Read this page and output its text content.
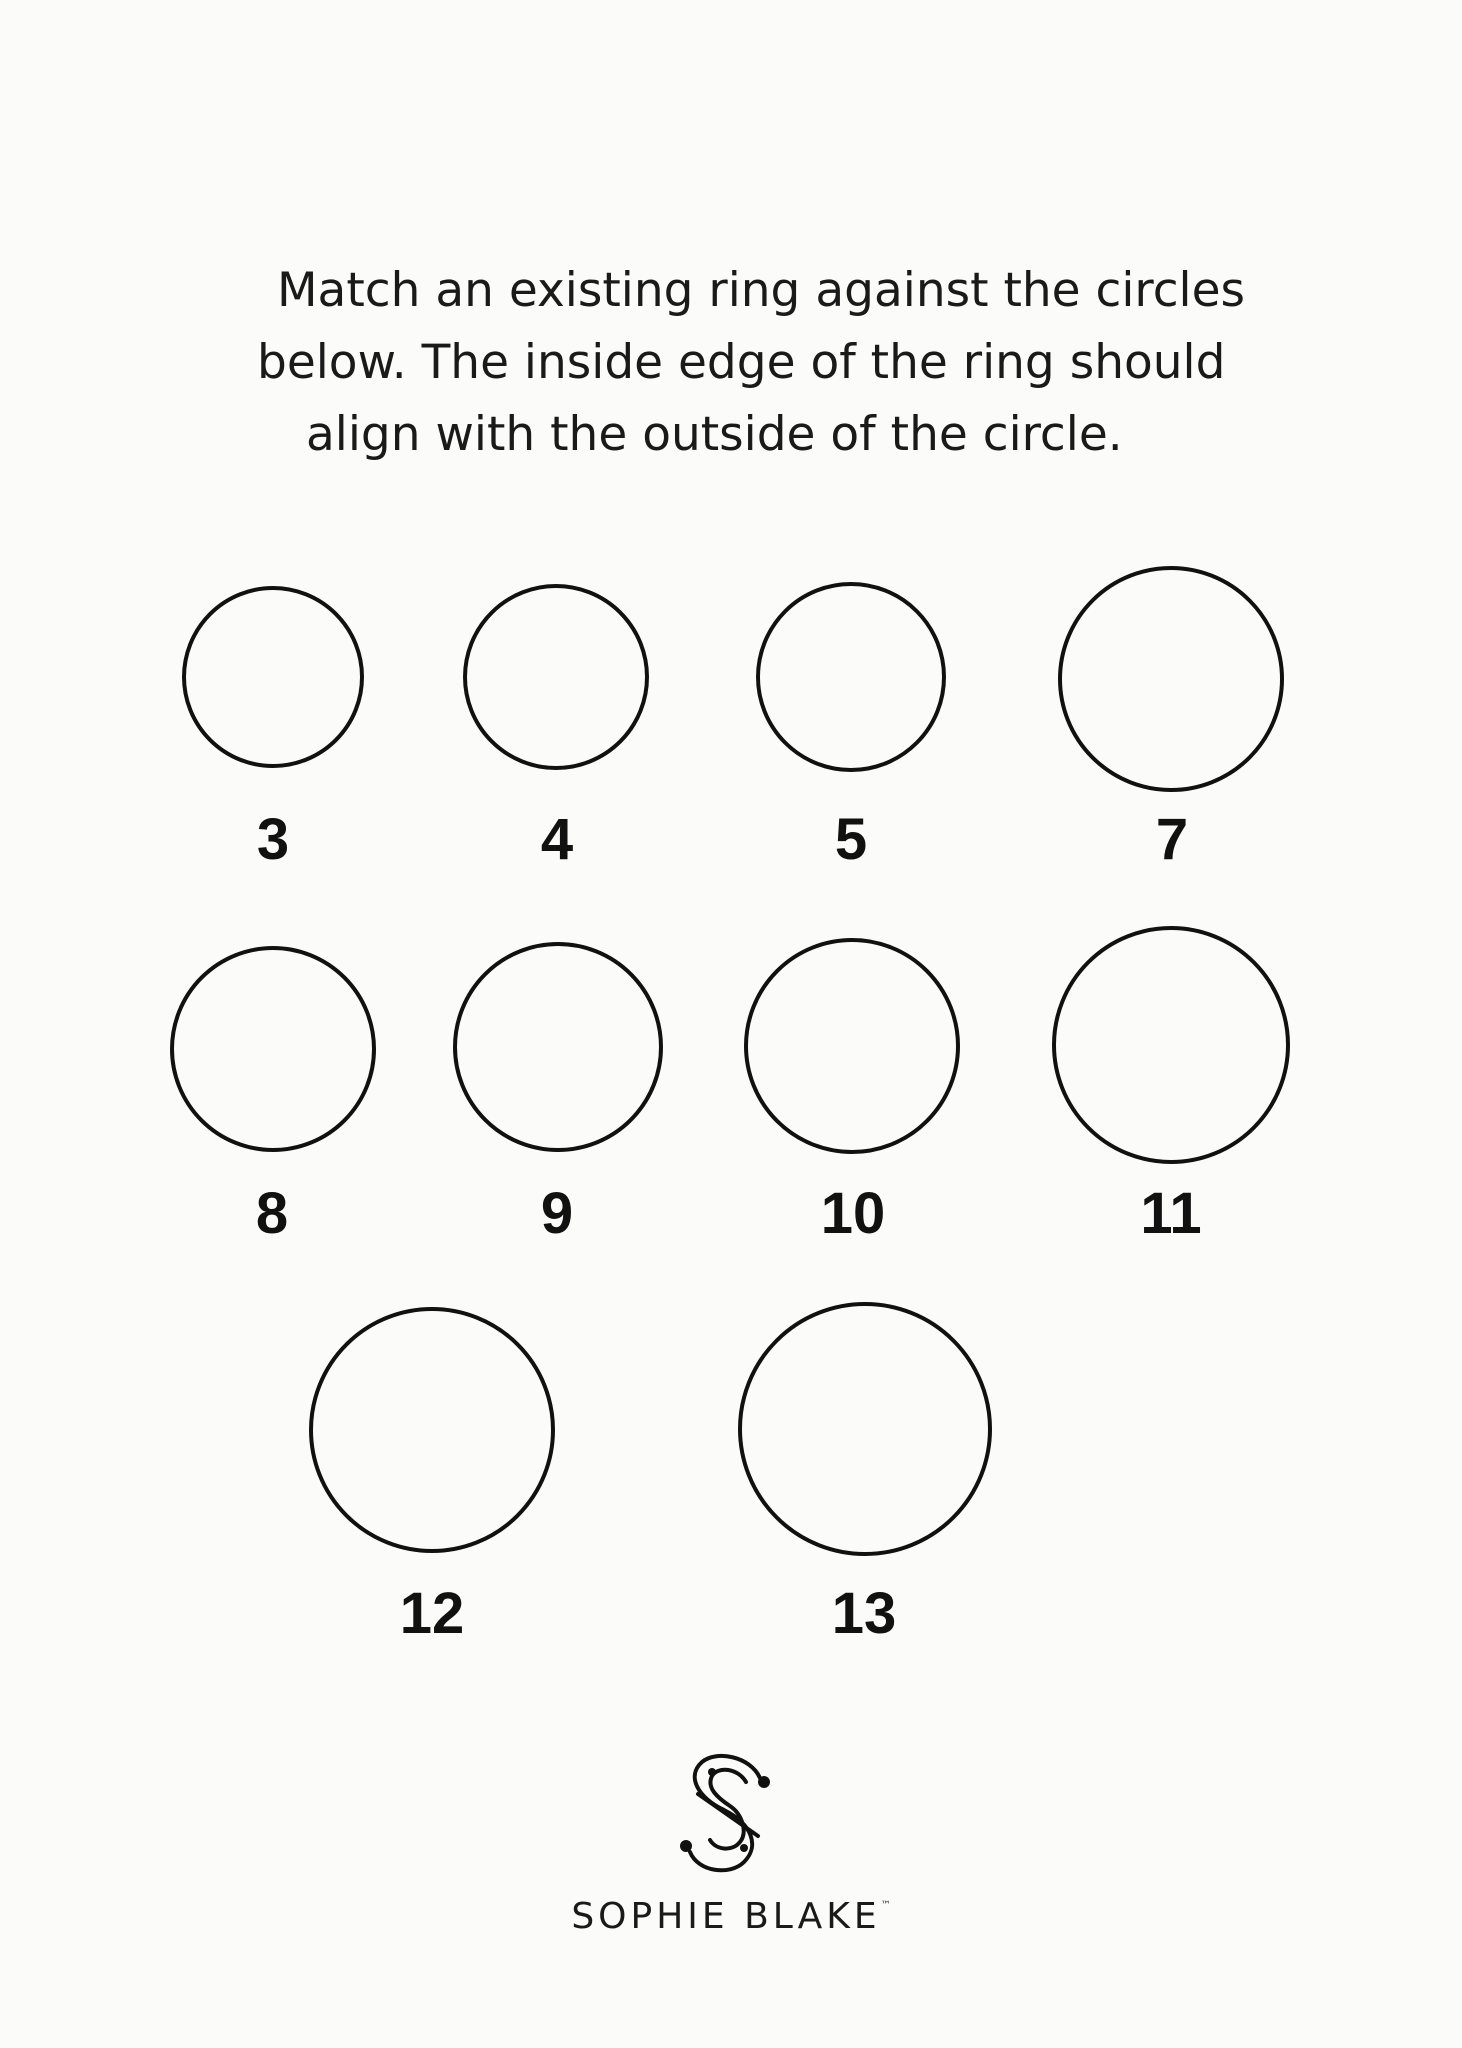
Match an existing ring against the circles
below. The inside edge of the ring should
align with the outside of the circle.

3	4	5	7
8	9	10	11
12	13
SOPHIE BLAKE™
